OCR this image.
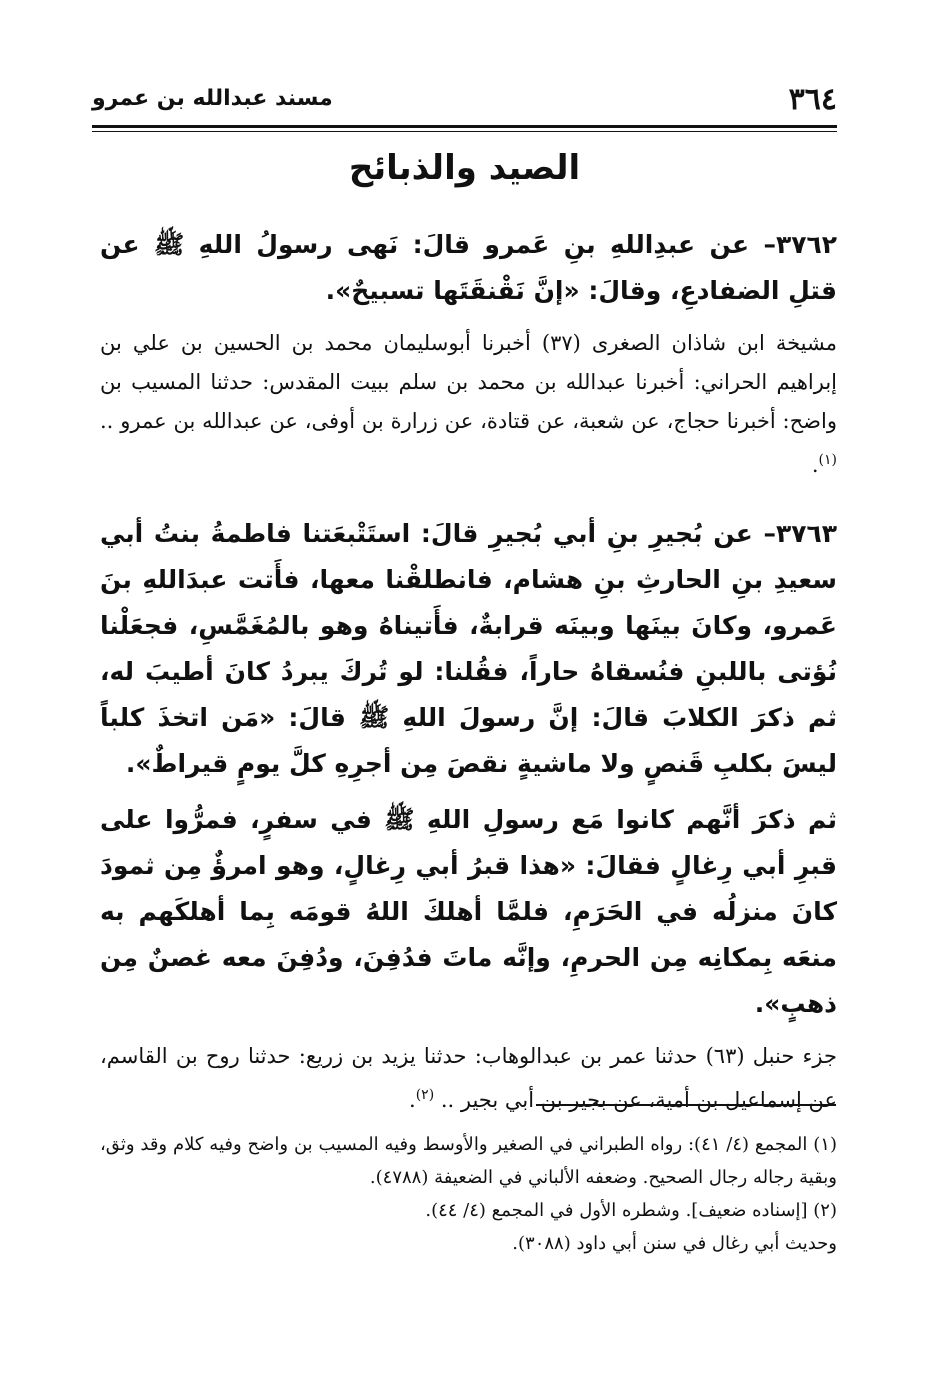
٣٦٤
مسند عبدالله بن عمرو
الصيد والذبائح

٣٧٦٢– عن عبدِاللهِ بنِ عَمرو قالَ: نَهى رسولُ اللهِ ﷺ عن قتلِ الضفادعِ، وقالَ: «إنَّ نَقْنقَتَها تسبيحٌ».

مشيخة ابن شاذان الصغرى (٣٧) أخبرنا أبوسليمان محمد بن الحسين بن علي بن إبراهيم الحراني: أخبرنا عبدالله بن محمد بن سلم ببيت المقدس: حدثنا المسيب بن واضح: أخبرنا حجاج، عن شعبة، عن قتادة، عن زرارة بن أوفى، عن عبدالله بن عمرو .. $^{(١)}$.

٣٧٦٣– عن بُجيرِ بنِ أبي بُجيرِ قالَ: استَتْبعَتنا فاطمةُ بنتُ أبي سعيدِ بنِ الحارثِ بنِ هشام، فانطلقْنا معها، فأَتت عبدَاللهِ بنَ عَمرو، وكانَ بينَها وبينَه قرابةٌ، فأَتيناهُ وهو بالمُغَمَّسِ، فجعَلْنا نُؤتى باللبنِ فنُسقاهُ حاراً، فقُلنا: لو تُركَ يبردُ كانَ أطيبَ له، ثم ذكرَ الكلابَ قالَ: إنَّ رسولَ اللهِ ﷺ قالَ: «مَن اتخذَ كلباً ليسَ بكلبِ قَنصٍ ولا ماشيةٍ نقصَ مِن أجرِهِ كلَّ يومٍ قيراطٌ».

ثم ذكرَ أنَّهم كانوا مَع رسولِ اللهِ ﷺ في سفرٍ، فمرُّوا على قبرِ أبي رِغالٍ فقالَ: «هذا قبرُ أبي رِغالٍ، وهو امرؤٌ مِن ثمودَ كانَ منزلُه في الحَرَمِ، فلمَّا أهلكَ اللهُ قومَه بِما أهلكَهم به منعَه بِمكانِه مِن الحرمِ، وإنَّه ماتَ فدُفِنَ، ودُفِنَ معه غصنٌ مِن ذهبٍ».

جزء حنبل (٦٣) حدثنا عمر بن عبدالوهاب: حدثنا يزيد بن زريع: حدثنا روح بن القاسم، عن إسماعيل بن أمية، عن بجير بن أبي بجير .. $^{(٢)}$.

(١) المجمع (٤/ ٤١): رواه الطبراني في الصغير والأوسط وفيه المسيب بن واضح وفيه كلام وقد وثق، وبقية رجاله رجال الصحيح. وضعفه الألباني في الضعيفة (٤٧٨٨).

(٢) [إسناده ضعيف]. وشطره الأول في المجمع (٤/ ٤٤).

وحديث أبي رغال في سنن أبي داود (٣٠٨٨).
